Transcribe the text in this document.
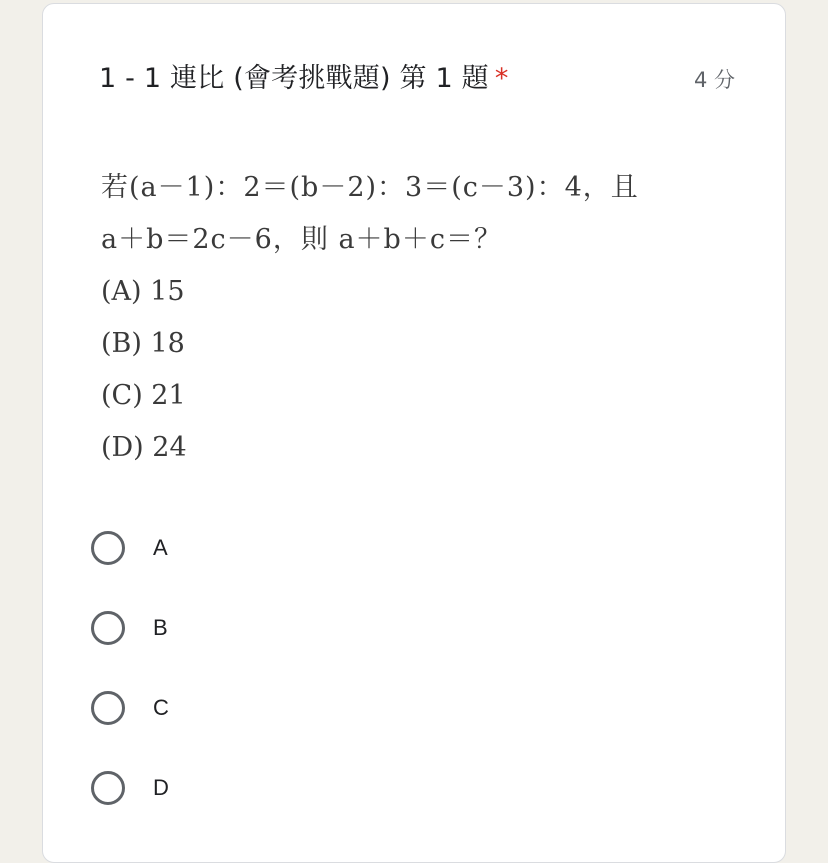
1 - 1 連比 (會考挑戰題) 第 1 題 *	4 分
若(a－1)：2＝(b－2)：3＝(c－3)：4，且
a＋b＝2c－6，則 a＋b＋c＝？
(A) 15
(B) 18
(C) 21
(D) 24
A
B
C
D
